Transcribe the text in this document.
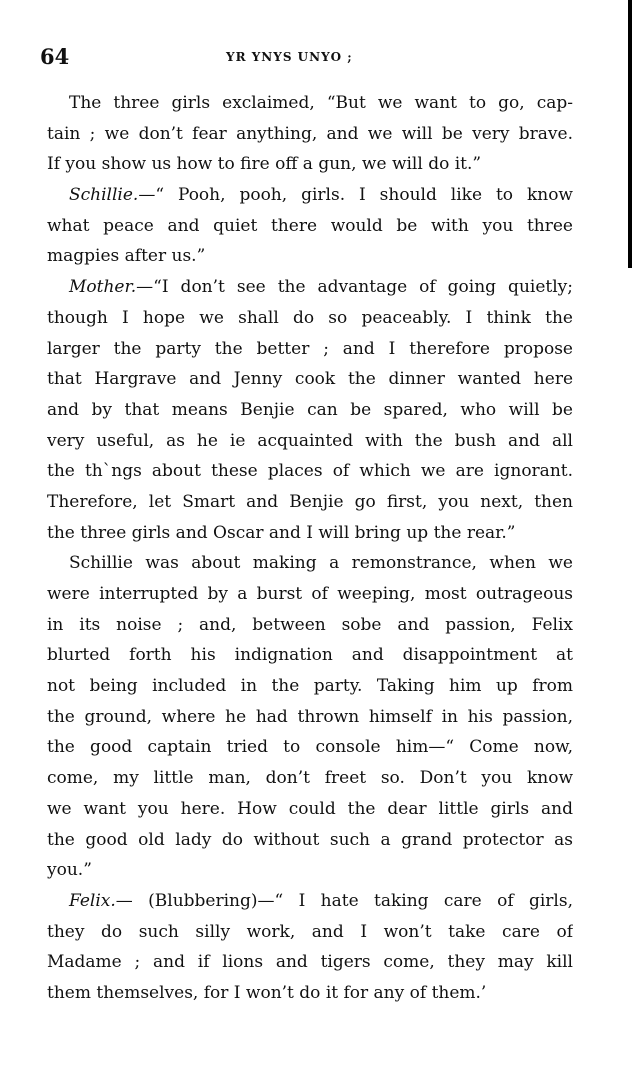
64	YR YNYS UNYO ;
The three girls exclaimed, “But we want to go, cap-
tain ; we don’t fear anything, and we will be very brave.
If you show us how to fire off a gun, we will do it.”
Schillie.—“ Pooh, pooh, girls. I should like to know
what peace and quiet there would be with you three
magpies after us.”
Mother.—“I don’t see the advantage of going quietly;
though I hope we shall do so peaceably. I think the
larger the party the better ; and I therefore propose
that Hargrave and Jenny cook the dinner wanted here
and by that means Benjie can be spared, who will be
very useful, as he ie acquainted with the bush and all
the th`ngs about these places of which we are ignorant.
Therefore, let Smart and Benjie go first, you next, then
the three girls and Oscar and I will bring up the rear.”
Schillie was about making a remonstrance, when we
were interrupted by a burst of weeping, most outrageous
in its noise ; and, between sobe and passion, Felix
blurted forth his indignation and disappointment at
not being included in the party. Taking him up from
the ground, where he had thrown himself in his passion,
the good captain tried to console him—“ Come now,
come, my little man, don’t freet so. Don’t you know
we want you here. How could the dear little girls and
the good old lady do without such a grand protector as
you.”
Felix.— (Blubbering)—“ I hate taking care of girls,
they do such silly work, and I won’t take care of
Madame ; and if lions and tigers come, they may kill
them themselves, for I won’t do it for any of them.’
